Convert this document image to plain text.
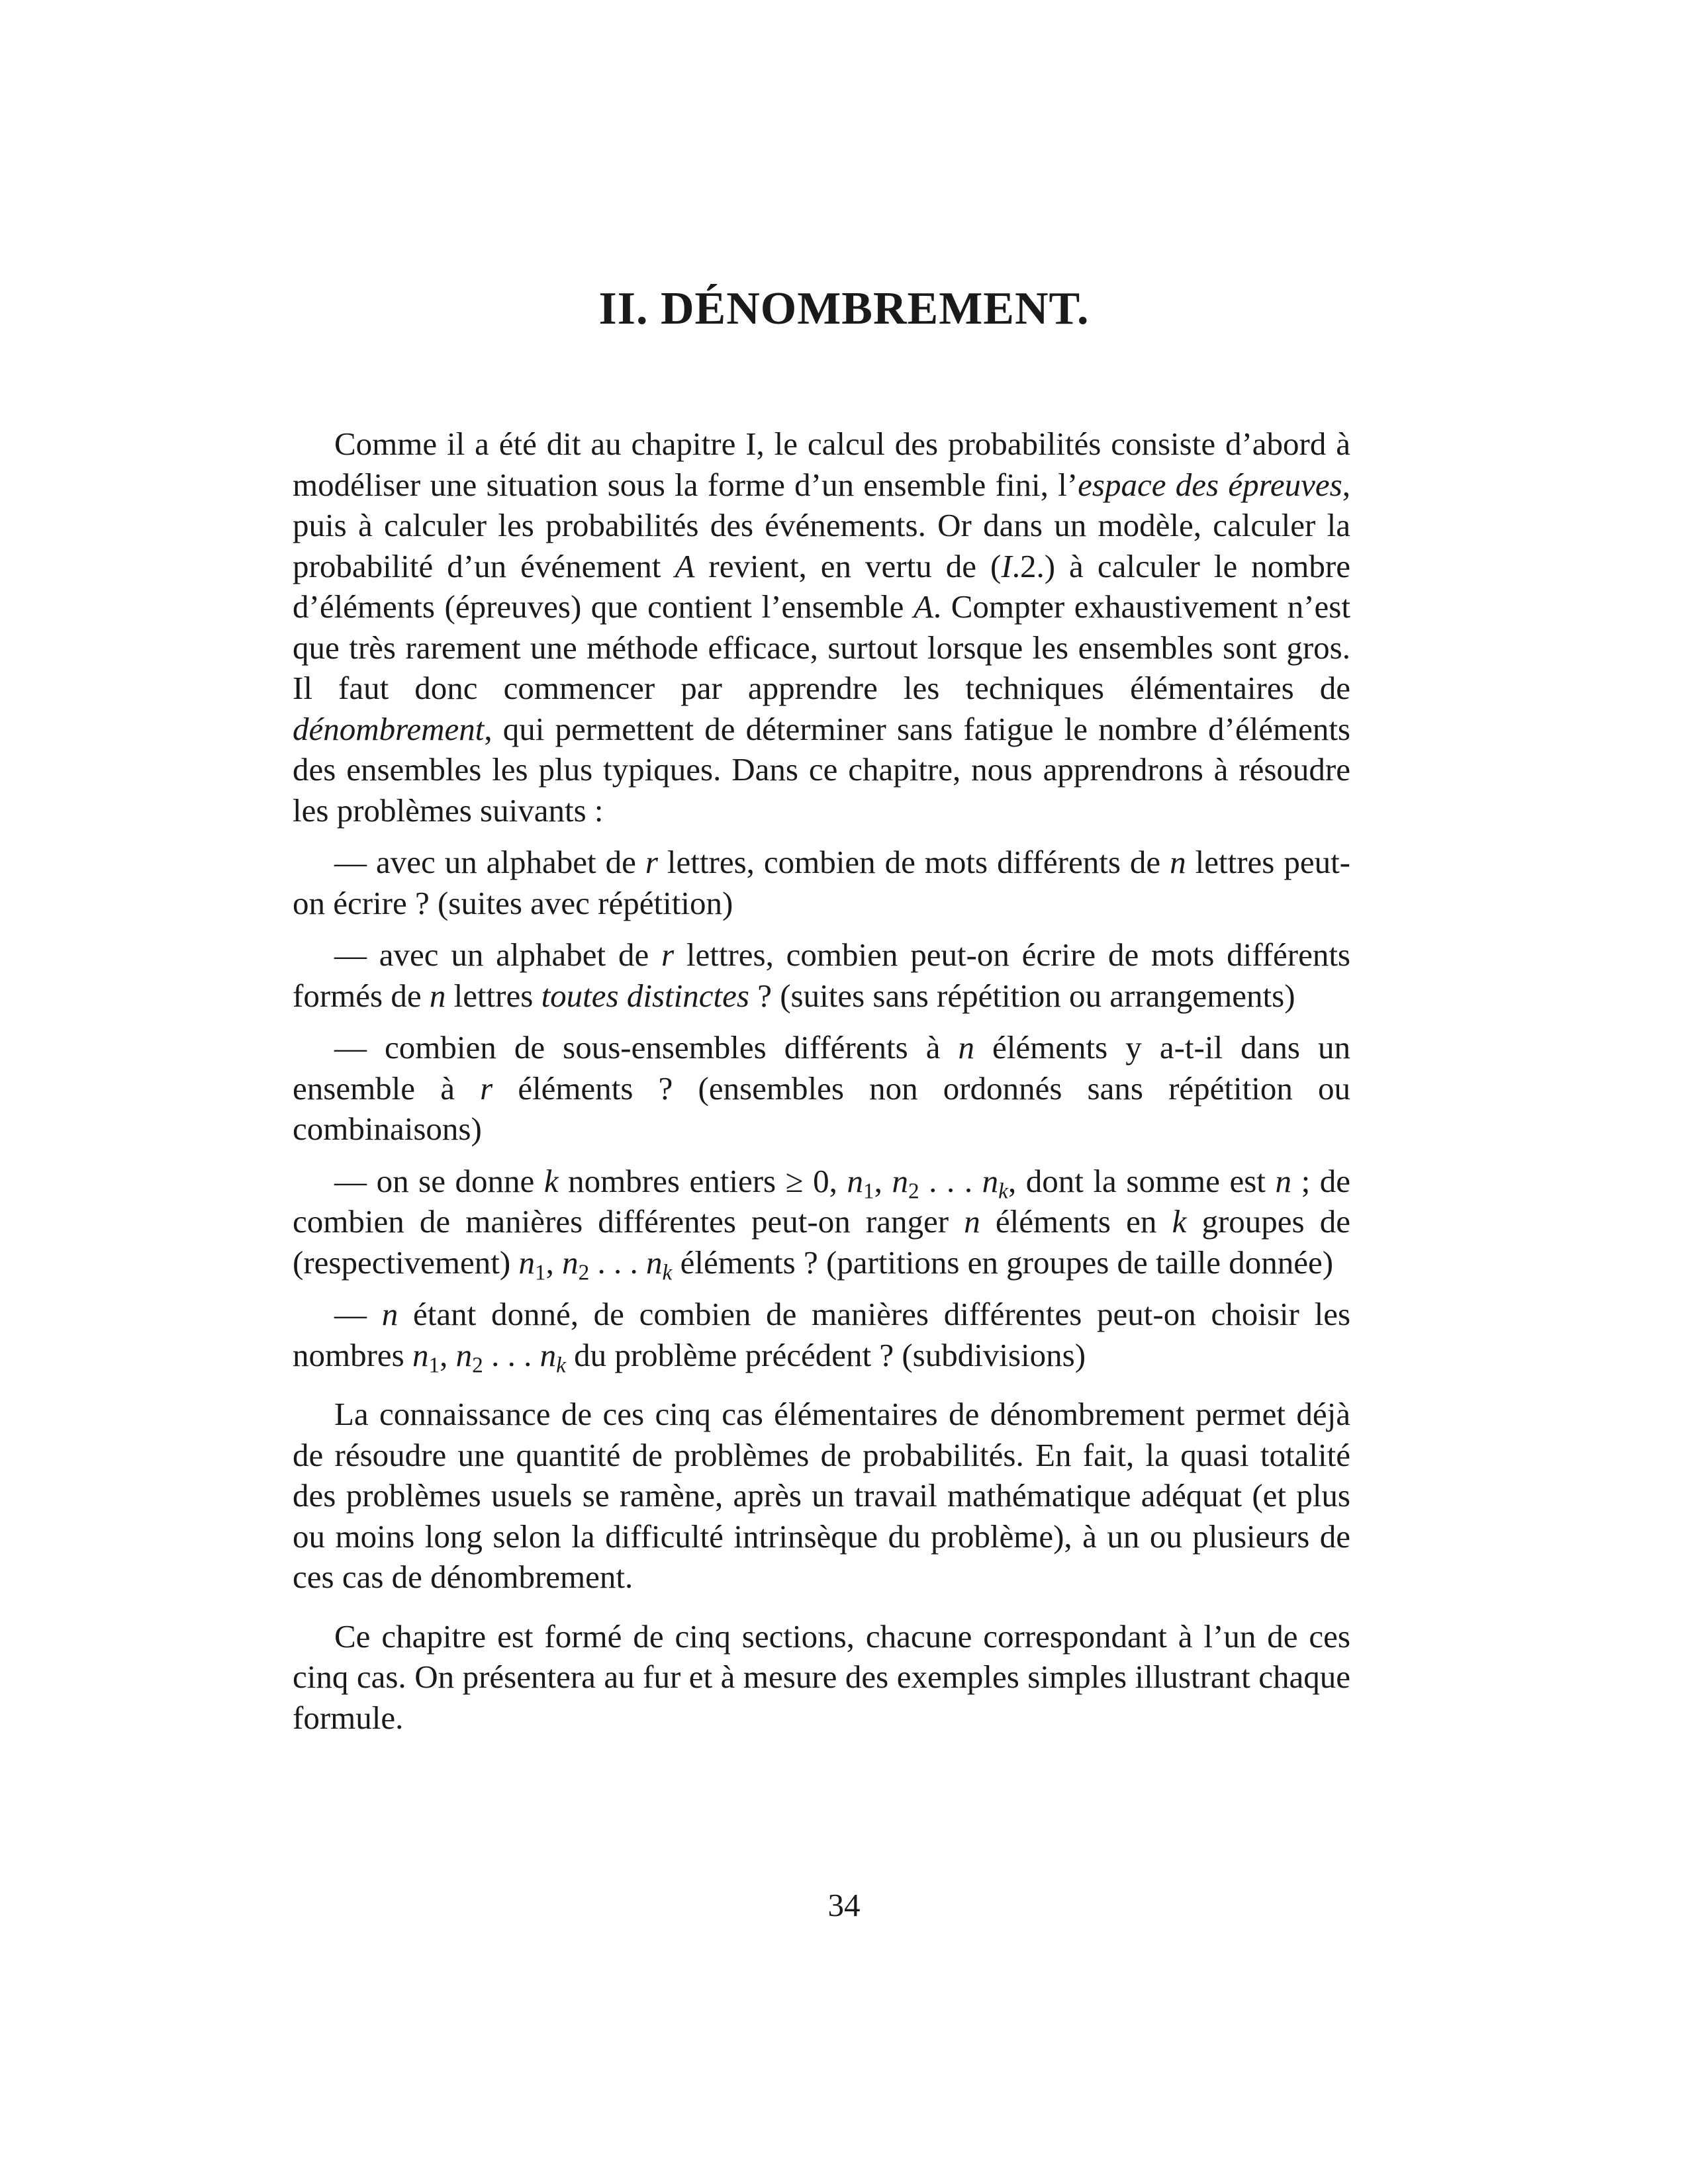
II. DÉNOMBREMENT.

Comme il a été dit au chapitre I, le calcul des probabilités consiste d’abord à modéliser une situation sous la forme d’un ensemble fini, l’espace des épreuves, puis à calculer les probabilités des événements. Or dans un modèle, calculer la probabilité d’un événement A revient, en vertu de (I.2.) à calculer le nombre d’éléments (épreuves) que contient l’ensemble A. Compter exhaustivement n’est que très rarement une méthode efficace, surtout lorsque les ensembles sont gros. Il faut donc commencer par apprendre les techniques élémentaires de dénombrement, qui permettent de déterminer sans fatigue le nombre d’éléments des ensembles les plus typiques. Dans ce chapitre, nous apprendrons à résoudre les problèmes suivants :

— avec un alphabet de r lettres, combien de mots différents de n lettres peut-on écrire ? (suites avec répétition)

— avec un alphabet de r lettres, combien peut-on écrire de mots différents formés de n lettres toutes distinctes ? (suites sans répétition ou arrangements)

— combien de sous-ensembles différents à n éléments y a-t-il dans un ensemble à r éléments ? (ensembles non ordonnés sans répétition ou combinaisons)

— on se donne k nombres entiers ≥ 0, $n_1$, $n_2$ . . . $n_k$, dont la somme est n ; de combien de manières différentes peut-on ranger n éléments en k groupes de (respectivement) $n_1$, $n_2$ . . . $n_k$ éléments ? (partitions en groupes de taille donnée)

— n étant donné, de combien de manières différentes peut-on choisir les nombres $n_1$, $n_2$ . . . $n_k$ du problème précédent ? (subdivisions)

La connaissance de ces cinq cas élémentaires de dénombrement permet déjà de résoudre une quantité de problèmes de probabilités. En fait, la quasi totalité des problèmes usuels se ramène, après un travail mathématique adéquat (et plus ou moins long selon la difficulté intrinsèque du problème), à un ou plusieurs de ces cas de dénombrement.

Ce chapitre est formé de cinq sections, chacune correspondant à l’un de ces cinq cas. On présentera au fur et à mesure des exemples simples illustrant chaque formule.

34
